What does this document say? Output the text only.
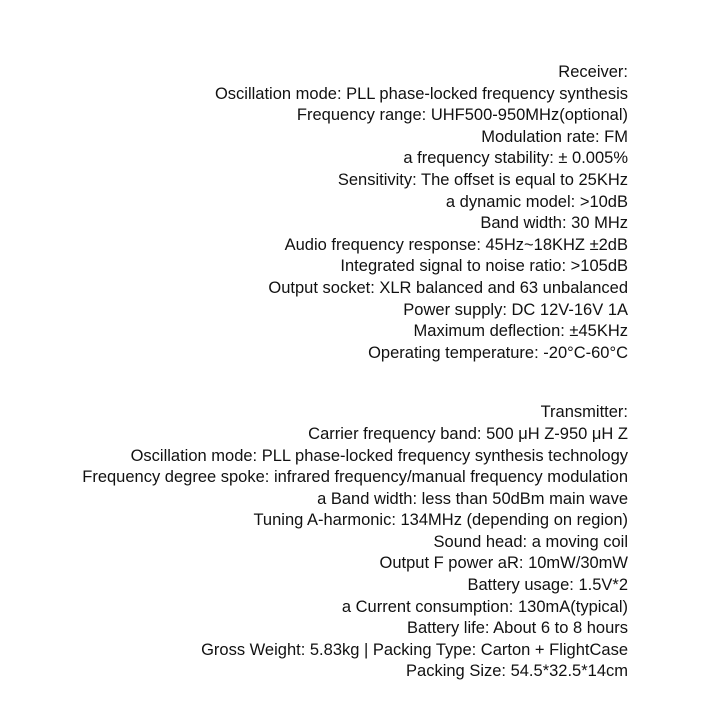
Receiver:
Oscillation mode: PLL phase-locked frequency synthesis
Frequency range: UHF500-950MHz(optional)
Modulation rate: FM
a frequency stability: ± 0.005%
Sensitivity: The offset is equal to 25KHz
a dynamic model: >10dB
Band width: 30 MHz
Audio frequency response: 45Hz~18KHZ ±2dB
Integrated signal to noise ratio: >105dB
Output socket: XLR balanced and 63 unbalanced
Power supply: DC 12V-16V 1A
Maximum deflection: ±45KHz
Operating temperature: -20°C-60°C
Transmitter:
Carrier frequency band: 500 μH Z-950 μH Z
Oscillation mode: PLL phase-locked frequency synthesis technology
Frequency degree spoke: infrared frequency/manual frequency modulation
a Band width: less than 50dBm main wave
Tuning A-harmonic: 134MHz (depending on region)
Sound head: a moving coil
Output F power aR: 10mW/30mW
Battery usage: 1.5V*2
a Current consumption: 130mA(typical)
Battery life: About 6 to 8 hours
Gross Weight: 5.83kg | Packing Type: Carton + FlightCase
Packing Size: 54.5*32.5*14cm
